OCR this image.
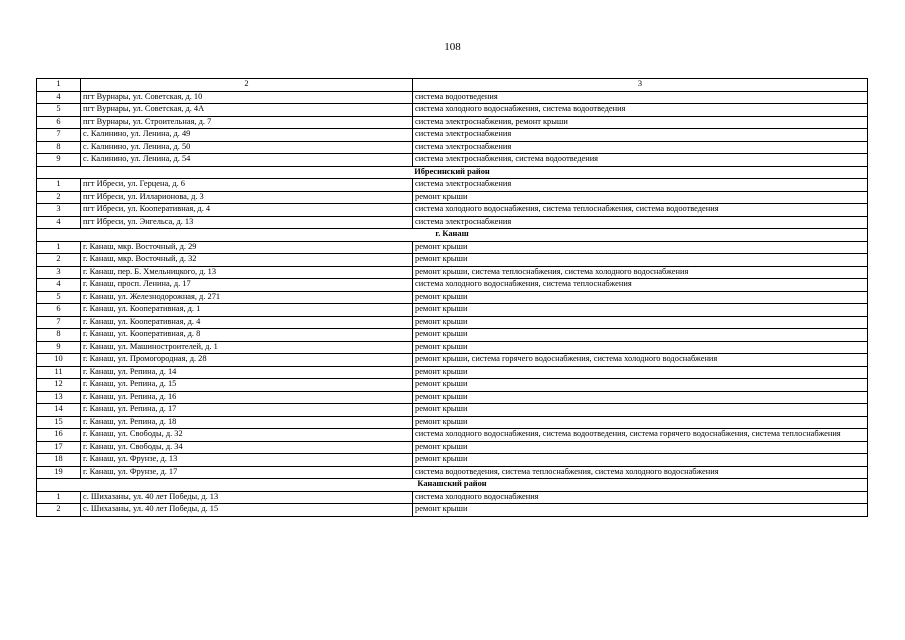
108
1	2	3
4	пгт Вурнары, ул. Советская, д. 10	система водоотведения
5	пгт Вурнары, ул. Советская, д. 4А	система холодного водоснабжения, система водоотведения
6	пгт Вурнары, ул. Строительная, д. 7	система электроснабжения, ремонт крыши
7	с. Калинино, ул. Ленина, д. 49	система электроснабжения
8	с. Калинино, ул. Ленина, д. 50	система электроснабжения
9	с. Калинино, ул. Ленина, д. 54	система электроснабжения, система водоотведения
Ибресинский район		
1	пгт Ибреси, ул. Герцена, д. 6	система электроснабжения
2	пгт Ибреси, ул. Илларионова, д. 3	ремонт крыши
3	пгт Ибреси, ул. Кооперативная, д. 4	система холодного водоснабжения, система теплоснабжения, система водоотведения
4	пгт Ибреси, ул. Энгельса, д. 13	система электроснабжения
г. Канаш		
1	г. Канаш, мкр. Восточный, д. 29	ремонт крыши
2	г. Канаш, мкр. Восточный, д. 32	ремонт крыши
3	г. Канаш, пер. Б. Хмельницкого, д. 13	ремонт крыши, система теплоснабжения, система холодного водоснабжения
4	г. Канаш, просп. Ленина, д. 17	система холодного водоснабжения, система теплоснабжения
5	г. Канаш, ул. Железнодорожная, д. 271	ремонт крыши
6	г. Канаш, ул. Кооперативная, д. 1	ремонт крыши
7	г. Канаш, ул. Кооперативная, д. 4	ремонт крыши
8	г. Канаш, ул. Кооперативная, д. 8	ремонт крыши
9	г. Канаш, ул. Машиностроителей, д. 1	ремонт крыши
10	г. Канаш, ул. Промогородная, д. 28	ремонт крыши, система горячего водоснабжения, система холодного водоснабжения
11	г. Канаш, ул. Репина, д. 14	ремонт крыши
12	г. Канаш, ул. Репина, д. 15	ремонт крыши
13	г. Канаш, ул. Репина, д. 16	ремонт крыши
14	г. Канаш, ул. Репина, д. 17	ремонт крыши
15	г. Канаш, ул. Репина, д. 18	ремонт крыши
16	г. Канаш, ул. Свободы, д. 32	система холодного водоснабжения, система водоотведения, система горячего водоснабжения, система теплоснабжения
17	г. Канаш, ул. Свободы, д. 34	ремонт крыши
18	г. Канаш, ул. Фрунзе, д. 13	ремонт крыши
19	г. Канаш, ул. Фрунзе, д. 17	система водоотведения, система теплоснабжения, система холодного водоснабжения
Канашский район		
1	с. Шихазаны, ул. 40 лет Победы, д. 13	система холодного водоснабжения
2	с. Шихазаны, ул. 40 лет Победы, д. 15	ремонт крыши
